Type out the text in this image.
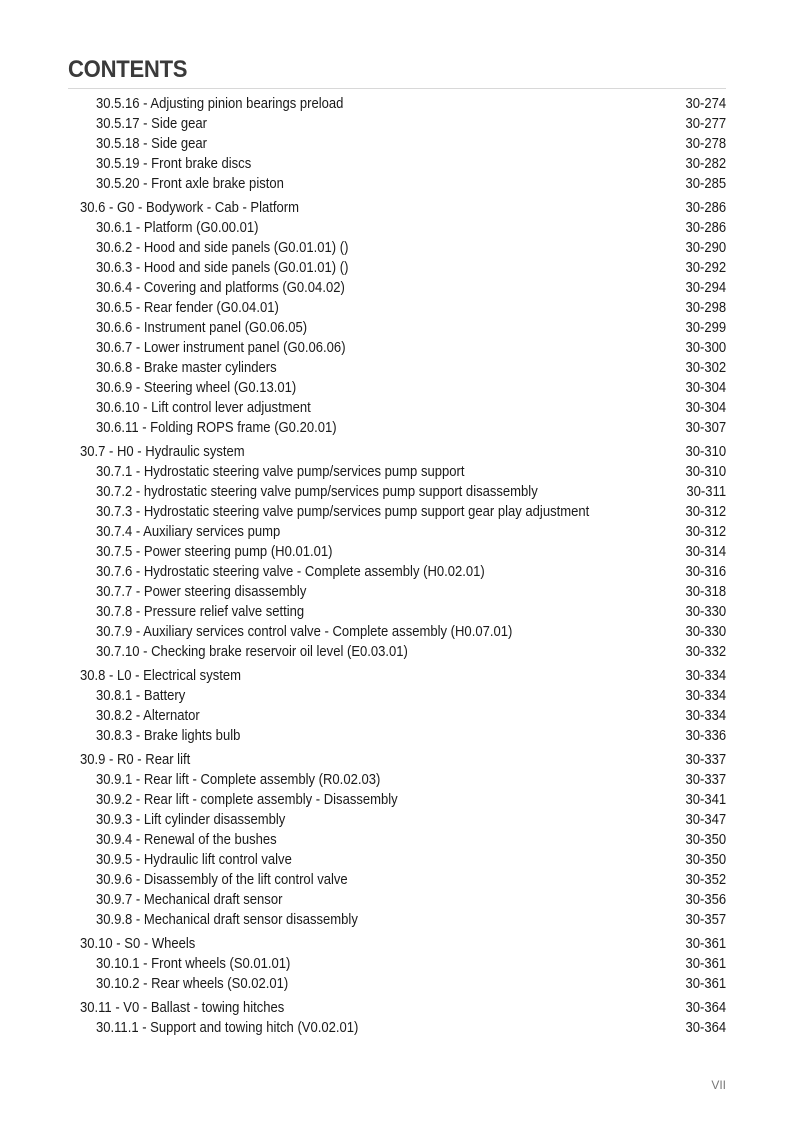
CONTENTS
30.5.16 - Adjusting pinion bearings preload	30-274
30.5.17 - Side gear	30-277
30.5.18 - Side gear	30-278
30.5.19 - Front brake discs	30-282
30.5.20 - Front axle brake piston	30-285
30.6 - G0 - Bodywork - Cab - Platform	30-286
30.6.1 - Platform (G0.00.01)	30-286
30.6.2 - Hood and side panels (G0.01.01) ()	30-290
30.6.3 - Hood and side panels (G0.01.01) ()	30-292
30.6.4 - Covering and platforms (G0.04.02)	30-294
30.6.5 - Rear fender (G0.04.01)	30-298
30.6.6 - Instrument panel (G0.06.05)	30-299
30.6.7 - Lower instrument panel (G0.06.06)	30-300
30.6.8 - Brake master cylinders	30-302
30.6.9 - Steering wheel (G0.13.01)	30-304
30.6.10 - Lift control lever adjustment	30-304
30.6.11 - Folding ROPS frame (G0.20.01)	30-307
30.7 - H0 - Hydraulic system	30-310
30.7.1 - Hydrostatic steering valve pump/services pump support	30-310
30.7.2 - hydrostatic steering valve pump/services pump support disassembly	30-311
30.7.3 - Hydrostatic steering valve pump/services pump support gear play adjustment	30-312
30.7.4 - Auxiliary services pump	30-312
30.7.5 - Power steering pump (H0.01.01)	30-314
30.7.6 - Hydrostatic steering valve - Complete assembly (H0.02.01)	30-316
30.7.7 - Power steering disassembly	30-318
30.7.8 - Pressure relief valve setting	30-330
30.7.9 - Auxiliary services control valve - Complete assembly (H0.07.01)	30-330
30.7.10 - Checking brake reservoir oil level (E0.03.01)	30-332
30.8 - L0 - Electrical system	30-334
30.8.1 - Battery	30-334
30.8.2 - Alternator	30-334
30.8.3 - Brake lights bulb	30-336
30.9 - R0 - Rear lift	30-337
30.9.1 - Rear lift - Complete assembly (R0.02.03)	30-337
30.9.2 - Rear lift - complete assembly - Disassembly	30-341
30.9.3 - Lift cylinder disassembly	30-347
30.9.4 - Renewal of the bushes	30-350
30.9.5 - Hydraulic lift control valve	30-350
30.9.6 - Disassembly of the lift control valve	30-352
30.9.7 - Mechanical draft sensor	30-356
30.9.8 - Mechanical draft sensor disassembly	30-357
30.10 - S0 - Wheels	30-361
30.10.1 - Front wheels (S0.01.01)	30-361
30.10.2 - Rear wheels (S0.02.01)	30-361
30.11 - V0 - Ballast - towing hitches	30-364
30.11.1 - Support and towing hitch (V0.02.01)	30-364
VII
